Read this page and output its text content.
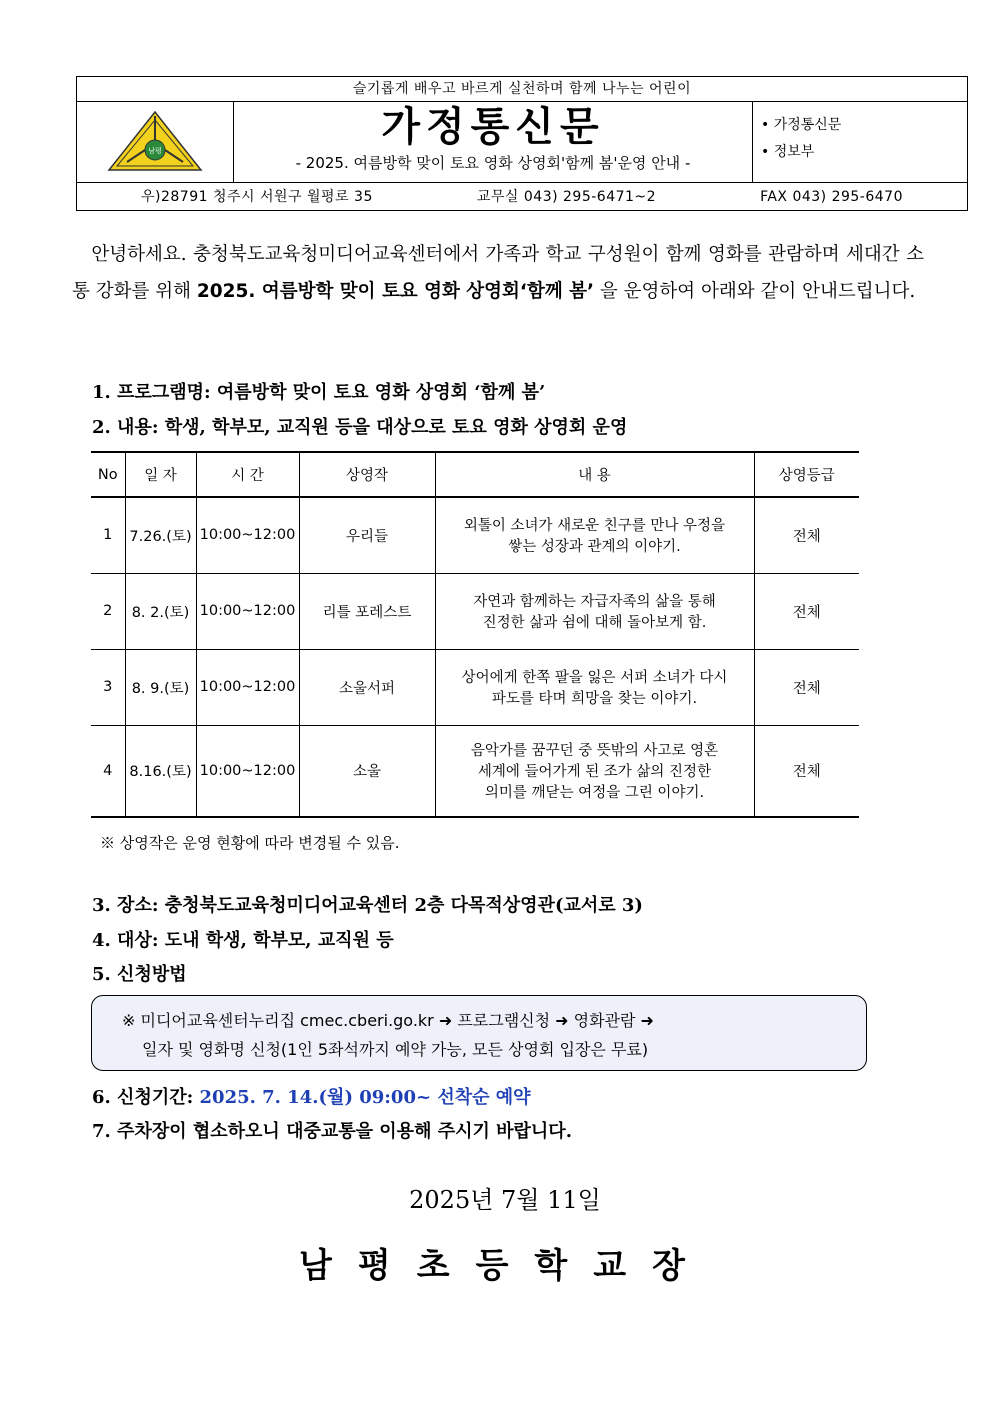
슬기롭게 배우고 바르게 실천하며 함께 나누는 어린이
남평
가정통신문
- 2025. 여름방학 맞이 토요 영화 상영회'함께 봄'운영 안내 -
• 가정통신문
• 정보부
우)28791 청주시 서원구 월평로 35	교무실 043) 295-6471~2	FAX 043) 295-6470
안녕하세요. 충청북도교육청미디어교육센터에서 가족과 학교 구성원이 함께 영화를 관람하며 세대간 소통 강화를 위해 2025. 여름방학 맞이 토요 영화 상영회‘함께 봄’ 을 운영하여 아래와 같이 안내드립니다.
1. 프로그램명: 여름방학 맞이 토요 영화 상영회 ‘함께 봄’
2. 내용: 학생, 학부모, 교직원 등을 대상으로 토요 영화 상영회 운영
No	일 자	시 간	상영작	내 용	상영등급
1	7.26.(토)	10:00~12:00	우리들	외톨이 소녀가 새로운 친구를 만나 우정을
쌓는 성장과 관계의 이야기.	전체
2	8. 2.(토)	10:00~12:00	리틀 포레스트	자연과 함께하는 자급자족의 삶을 통해
진정한 삶과 쉼에 대해 돌아보게 함.	전체
3	8. 9.(토)	10:00~12:00	소울서퍼	상어에게 한쪽 팔을 잃은 서퍼 소녀가 다시
파도를 타며 희망을 찾는 이야기.	전체
4	8.16.(토)	10:00~12:00	소울	음악가를 꿈꾸던 중 뜻밖의 사고로 영혼
세계에 들어가게 된 조가 삶의 진정한
의미를 깨닫는 여정을 그린 이야기.	전체
※ 상영작은 운영 현황에 따라 변경될 수 있음.
3. 장소: 충청북도교육청미디어교육센터 2층 다목적상영관(교서로 3)
4. 대상: 도내 학생, 학부모, 교직원 등
5. 신청방법
※ 미디어교육센터누리집 cmec.cberi.go.kr ➜ 프로그램신청 ➜ 영화관람 ➜
일자 및 영화명 신청(1인 5좌석까지 예약 가능, 모든 상영회 입장은 무료)
6. 신청기간: 2025. 7. 14.(월) 09:00~ 선착순 예약
7. 주차장이 협소하오니 대중교통을 이용해 주시기 바랍니다.
2025년 7월 11일
남평초등학교장
